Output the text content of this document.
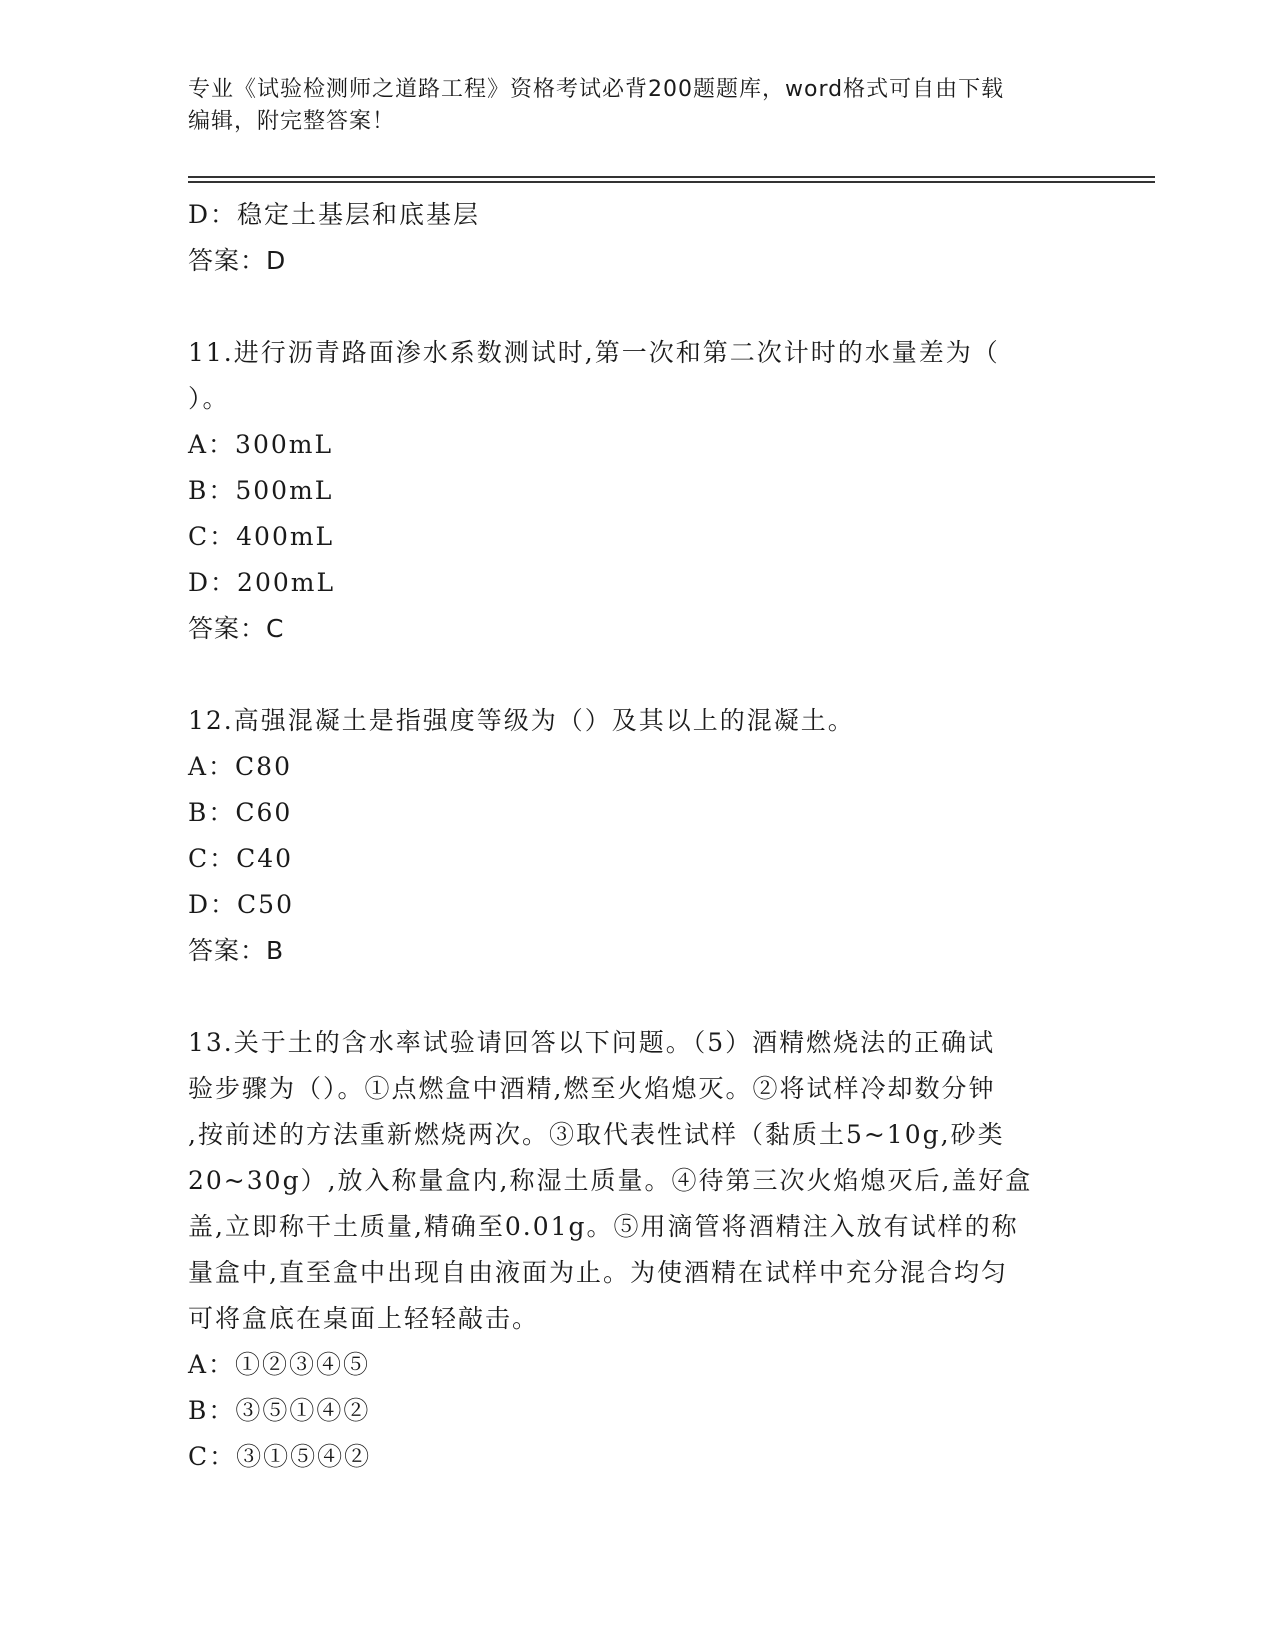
专业《试验检测师之道路工程》资格考试必背200题题库，word格式可自由下载
编辑，附完整答案！
D：稳定土基层和底基层
答案：D
11.进行沥青路面渗水系数测试时,第一次和第二次计时的水量差为（
）。
A：300mL
B：500mL
C：400mL
D：200mL
答案：C
12.高强混凝土是指强度等级为（）及其以上的混凝土。
A：C80
B：C60
C：C40
D：C50
答案：B
13.关于土的含水率试验请回答以下问题。（5）酒精燃烧法的正确试
验步骤为（）。①点燃盒中酒精,燃至火焰熄灭。②将试样冷却数分钟
,按前述的方法重新燃烧两次。③取代表性试样（黏质土5~10g,砂类
20~30g）,放入称量盒内,称湿土质量。④待第三次火焰熄灭后,盖好盒
盖,立即称干土质量,精确至0.01g。⑤用滴管将酒精注入放有试样的称
量盒中,直至盒中出现自由液面为止。为使酒精在试样中充分混合均匀
可将盒底在桌面上轻轻敲击。
A：①②③④⑤
B：③⑤①④②
C：③①⑤④②
